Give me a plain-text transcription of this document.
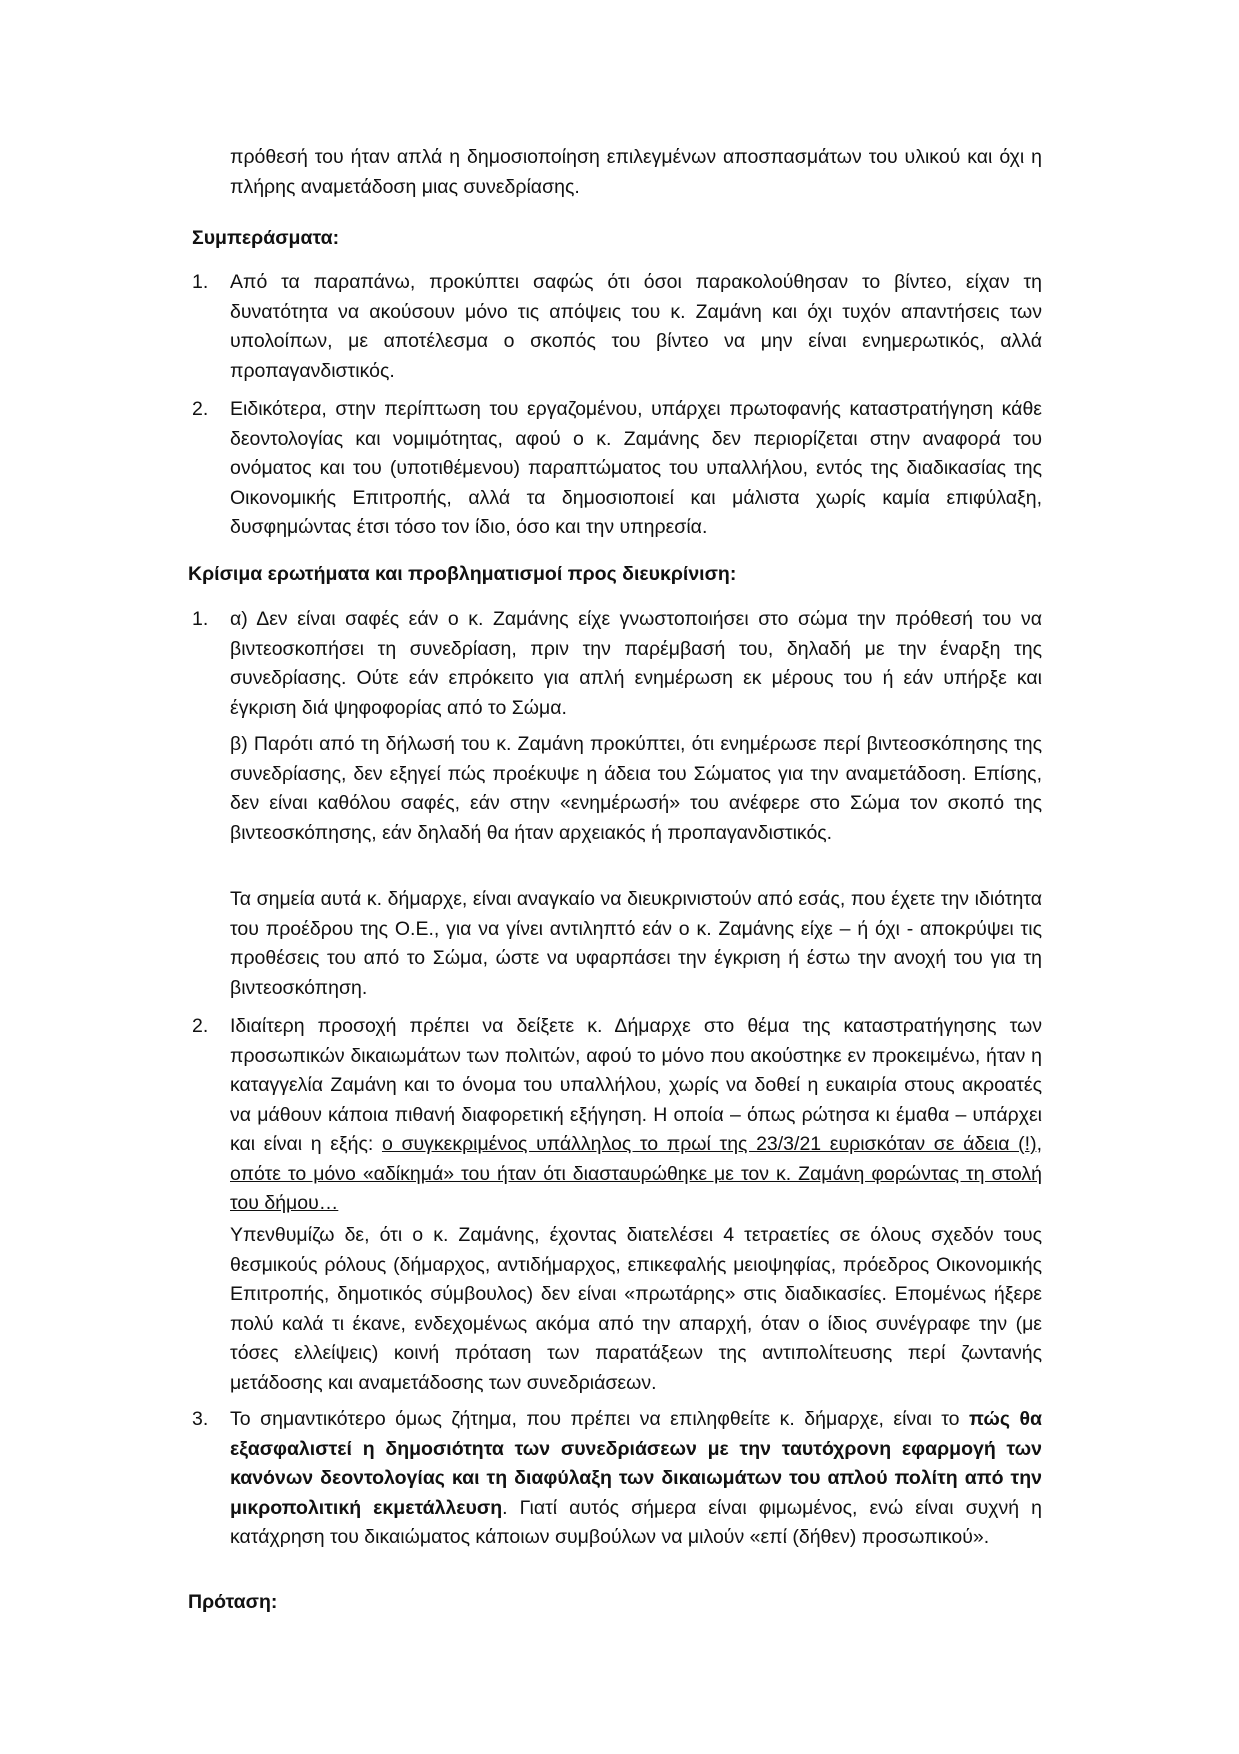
πρόθεσή του ήταν απλά η δημοσιοποίηση επιλεγμένων αποσπασμάτων του υλικού και όχι η πλήρης αναμετάδοση μιας συνεδρίασης.

Συμπεράσματα:

1. Από τα παραπάνω, προκύπτει σαφώς ότι όσοι παρακολούθησαν το βίντεο, είχαν τη δυνατότητα να ακούσουν μόνο τις απόψεις του κ. Ζαμάνη και όχι τυχόν απαντήσεις των υπολοίπων, με αποτέλεσμα ο σκοπός του βίντεο να μην είναι ενημερωτικός, αλλά προπαγανδιστικός.

2. Ειδικότερα, στην περίπτωση του εργαζομένου, υπάρχει πρωτοφανής καταστρατήγηση κάθε δεοντολογίας και νομιμότητας, αφού ο κ. Ζαμάνης δεν περιορίζεται στην αναφορά του ονόματος και του (υποτιθέμενου) παραπτώματος του υπαλλήλου, εντός της διαδικασίας της Οικονομικής Επιτροπής, αλλά τα δημοσιοποιεί και μάλιστα χωρίς καμία επιφύλαξη, δυσφημώντας έτσι τόσο τον ίδιο, όσο και την υπηρεσία.

Κρίσιμα ερωτήματα και προβληματισμοί προς διευκρίνιση:

1. α) Δεν είναι σαφές εάν ο κ. Ζαμάνης είχε γνωστοποιήσει στο σώμα την πρόθεσή του να βιντεοσκοπήσει τη συνεδρίαση, πριν την παρέμβασή του, δηλαδή με την έναρξη της συνεδρίασης. Ούτε εάν επρόκειτο για απλή ενημέρωση εκ μέρους του ή εάν υπήρξε και έγκριση διά ψηφοφορίας από το Σώμα.

β) Παρότι από τη δήλωσή του κ. Ζαμάνη προκύπτει, ότι ενημέρωσε περί βιντεοσκόπησης της συνεδρίασης, δεν εξηγεί πώς προέκυψε η άδεια του Σώματος για την αναμετάδοση. Επίσης, δεν είναι καθόλου σαφές, εάν στην «ενημέρωσή» του ανέφερε στο Σώμα τον σκοπό της βιντεοσκόπησης, εάν δηλαδή θα ήταν αρχειακός ή προπαγανδιστικός.

Τα σημεία αυτά κ. δήμαρχε, είναι αναγκαίο να διευκρινιστούν από εσάς, που έχετε την ιδιότητα του προέδρου της Ο.Ε., για να γίνει αντιληπτό εάν ο κ. Ζαμάνης είχε – ή όχι - αποκρύψει τις προθέσεις του από το Σώμα, ώστε να υφαρπάσει την έγκριση ή έστω την ανοχή του για τη βιντεοσκόπηση.

2. Ιδιαίτερη προσοχή πρέπει να δείξετε κ. Δήμαρχε στο θέμα της καταστρατήγησης των προσωπικών δικαιωμάτων των πολιτών, αφού το μόνο που ακούστηκε εν προκειμένω, ήταν η καταγγελία Ζαμάνη και το όνομα του υπαλλήλου, χωρίς να δοθεί η ευκαιρία στους ακροατές να μάθουν κάποια πιθανή διαφορετική εξήγηση. Η οποία – όπως ρώτησα κι έμαθα – υπάρχει και είναι η εξής: ο συγκεκριμένος υπάλληλος το πρωί της 23/3/21 ευρισκόταν σε άδεια (!), οπότε το μόνο «αδίκημά» του ήταν ότι διασταυρώθηκε με τον κ. Ζαμάνη φορώντας τη στολή του δήμου…

Υπενθυμίζω δε, ότι ο κ. Ζαμάνης, έχοντας διατελέσει 4 τετραετίες σε όλους σχεδόν τους θεσμικούς ρόλους (δήμαρχος, αντιδήμαρχος, επικεφαλής μειοψηφίας, πρόεδρος Οικονομικής Επιτροπής, δημοτικός σύμβουλος) δεν είναι «πρωτάρης» στις διαδικασίες. Επομένως ήξερε πολύ καλά τι έκανε, ενδεχομένως ακόμα από την απαρχή, όταν ο ίδιος συνέγραφε την (με τόσες ελλείψεις) κοινή πρόταση των παρατάξεων της αντιπολίτευσης περί ζωντανής μετάδοσης και αναμετάδοσης των συνεδριάσεων.

3. Το σημαντικότερο όμως ζήτημα, που πρέπει να επιληφθείτε κ. δήμαρχε, είναι το πώς θα εξασφαλιστεί η δημοσιότητα των συνεδριάσεων με την ταυτόχρονη εφαρμογή των κανόνων δεοντολογίας και τη διαφύλαξη των δικαιωμάτων του απλού πολίτη από την μικροπολιτική εκμετάλλευση. Γιατί αυτός σήμερα είναι φιμωμένος, ενώ είναι συχνή η κατάχρηση του δικαιώματος κάποιων συμβούλων να μιλούν «επί (δήθεν) προσωπικού».

Πρόταση:
